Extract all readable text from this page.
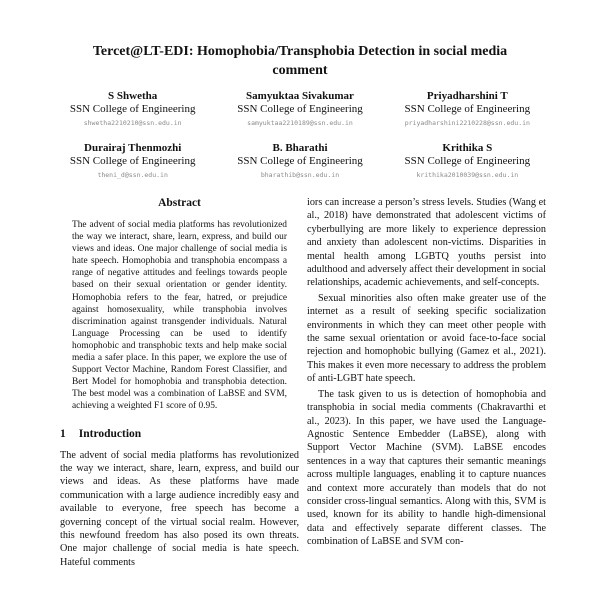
Tercet@LT-EDI: Homophobia/Transphobia Detection in social media comment
S Shwetha
SSN College of Engineering
shwetha2210210@ssn.edu.in
Samyuktaa Sivakumar
SSN College of Engineering
samyuktaa2210189@ssn.edu.in
Priyadharshini T
SSN College of Engineering
priyadharshini2210228@ssn.edu.in
Durairaj Thenmozhi
SSN College of Engineering
theni_d@ssn.edu.in
B. Bharathi
SSN College of Engineering
bharathib@ssn.edu.in
Krithika S
SSN College of Engineering
krithika2010039@ssn.edu.in
Abstract

The advent of social media platforms has revolutionized the way we interact, share, learn, express, and build our views and ideas. One major challenge of social media is hate speech. Homophobia and transphobia encompass a range of negative attitudes and feelings towards people based on their sexual orientation or gender identity. Homophobia refers to the fear, hatred, or prejudice against homosexuality, while transphobia involves discrimination against transgender individuals. Natural Language Processing can be used to identify homophobic and transphobic texts and help make social media a safer place. In this paper, we explore the use of Support Vector Machine, Random Forest Classifier, and Bert Model for homophobia and transphobia detection. The best model was a combination of LaBSE and SVM, achieving a weighted F1 score of 0.95.

1 Introduction

The advent of social media platforms has revolutionized the way we interact, share, learn, express, and build our views and ideas. As these platforms have made communication with a large audience incredibly easy and available to everyone, free speech has become a governing concept of the virtual social realm. However, this newfound freedom has also posed its own threats. One major challenge of social media is hate speech. Hateful comments

iors can increase a person’s stress levels. Studies (Wang et al., 2018) have demonstrated that adolescent victims of cyberbullying are more likely to experience depression and anxiety than adolescent non-victims. Disparities in mental health among LGBTQ youths persist into adulthood and adversely affect their development in social relationships, academic achievements, and self-concepts.

Sexual minorities also often make greater use of the internet as a result of seeking specific socialization environments in which they can meet other people with the same sexual orientation or avoid face-to-face social rejection and homophobic bullying (Gamez et al., 2021). This makes it even more necessary to address the problem of anti-LGBT hate speech.

The task given to us is detection of homophobia and transphobia in social media comments (Chakravarthi et al., 2023). In this paper, we have used the Language-Agnostic Sentence Embedder (LaBSE), along with Support Vector Machine (SVM). LaBSE encodes sentences in a way that captures their semantic meanings across multiple languages, enabling it to capture nuances and context more accurately than models that do not consider cross-lingual semantics. Along with this, SVM is used, known for its ability to handle high-dimensional data and effectively separate different classes. The combination of LaBSE and SVM con-
